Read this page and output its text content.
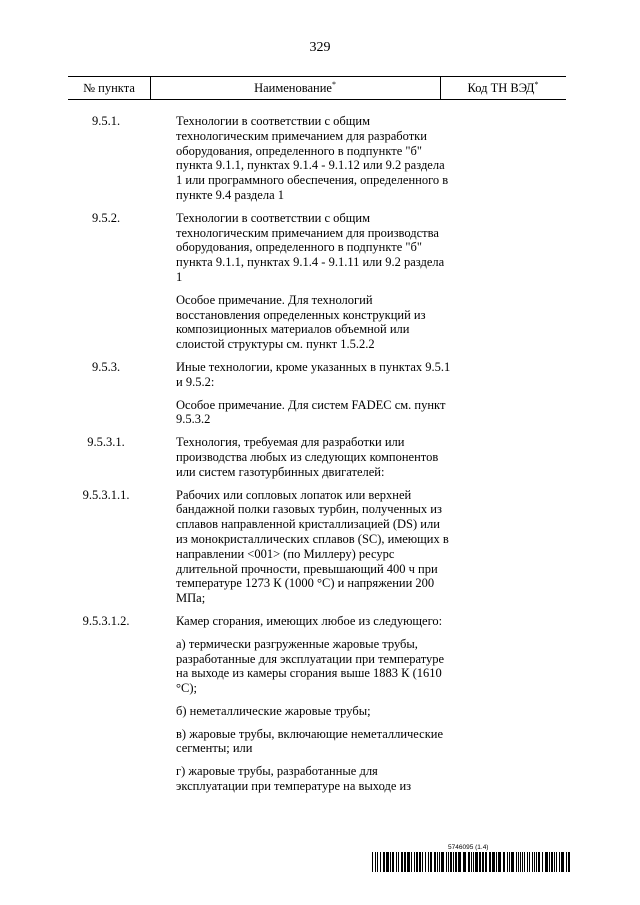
329
№ пункта	Наименование*	Код ТН ВЭД*
9.5.1.	Технологии в соответствии с общим технологическим примечанием для разработки оборудования, определенного в подпункте "б" пункта 9.1.1, пунктах 9.1.4 - 9.1.12 или 9.2 раздела 1 или программного обеспечения, определенного в пункте 9.4 раздела 1
9.5.2.	Технологии в соответствии с общим технологическим примечанием для производства оборудования, определенного в подпункте "б" пункта 9.1.1, пунктах 9.1.4 - 9.1.11 или 9.2 раздела 1
Особое примечание. Для технологий восстановления определенных конструкций из композиционных материалов объемной или слоистой структуры см. пункт 1.5.2.2
9.5.3.	Иные технологии, кроме указанных в пунктах 9.5.1 и 9.5.2:
Особое примечание. Для систем FADEC см. пункт 9.5.3.2
9.5.3.1.	Технология, требуемая для разработки или производства любых из следующих компонентов или систем газотурбинных двигателей:
9.5.3.1.1.	Рабочих или сопловых лопаток или верхней бандажной полки газовых турбин, полученных из сплавов направленной кристаллизацией (DS) или из монокристаллических сплавов (SC), имеющих в направлении <001> (по Миллеру) ресурс длительной прочности, превышающий 400 ч при температуре 1273 К (1000 °C) и напряжении 200 МПа;
9.5.3.1.2.	Камер сгорания, имеющих любое из следующего:
а) термически разгруженные жаровые трубы, разработанные для эксплуатации при температуре на выходе из камеры сгорания выше 1883 К (1610 °C);
б) неметаллические жаровые трубы;
в) жаровые трубы, включающие неметаллические сегменты; или
г) жаровые трубы, разработанные для эксплуатации при температуре на выходе из
5746095 (1.4)
